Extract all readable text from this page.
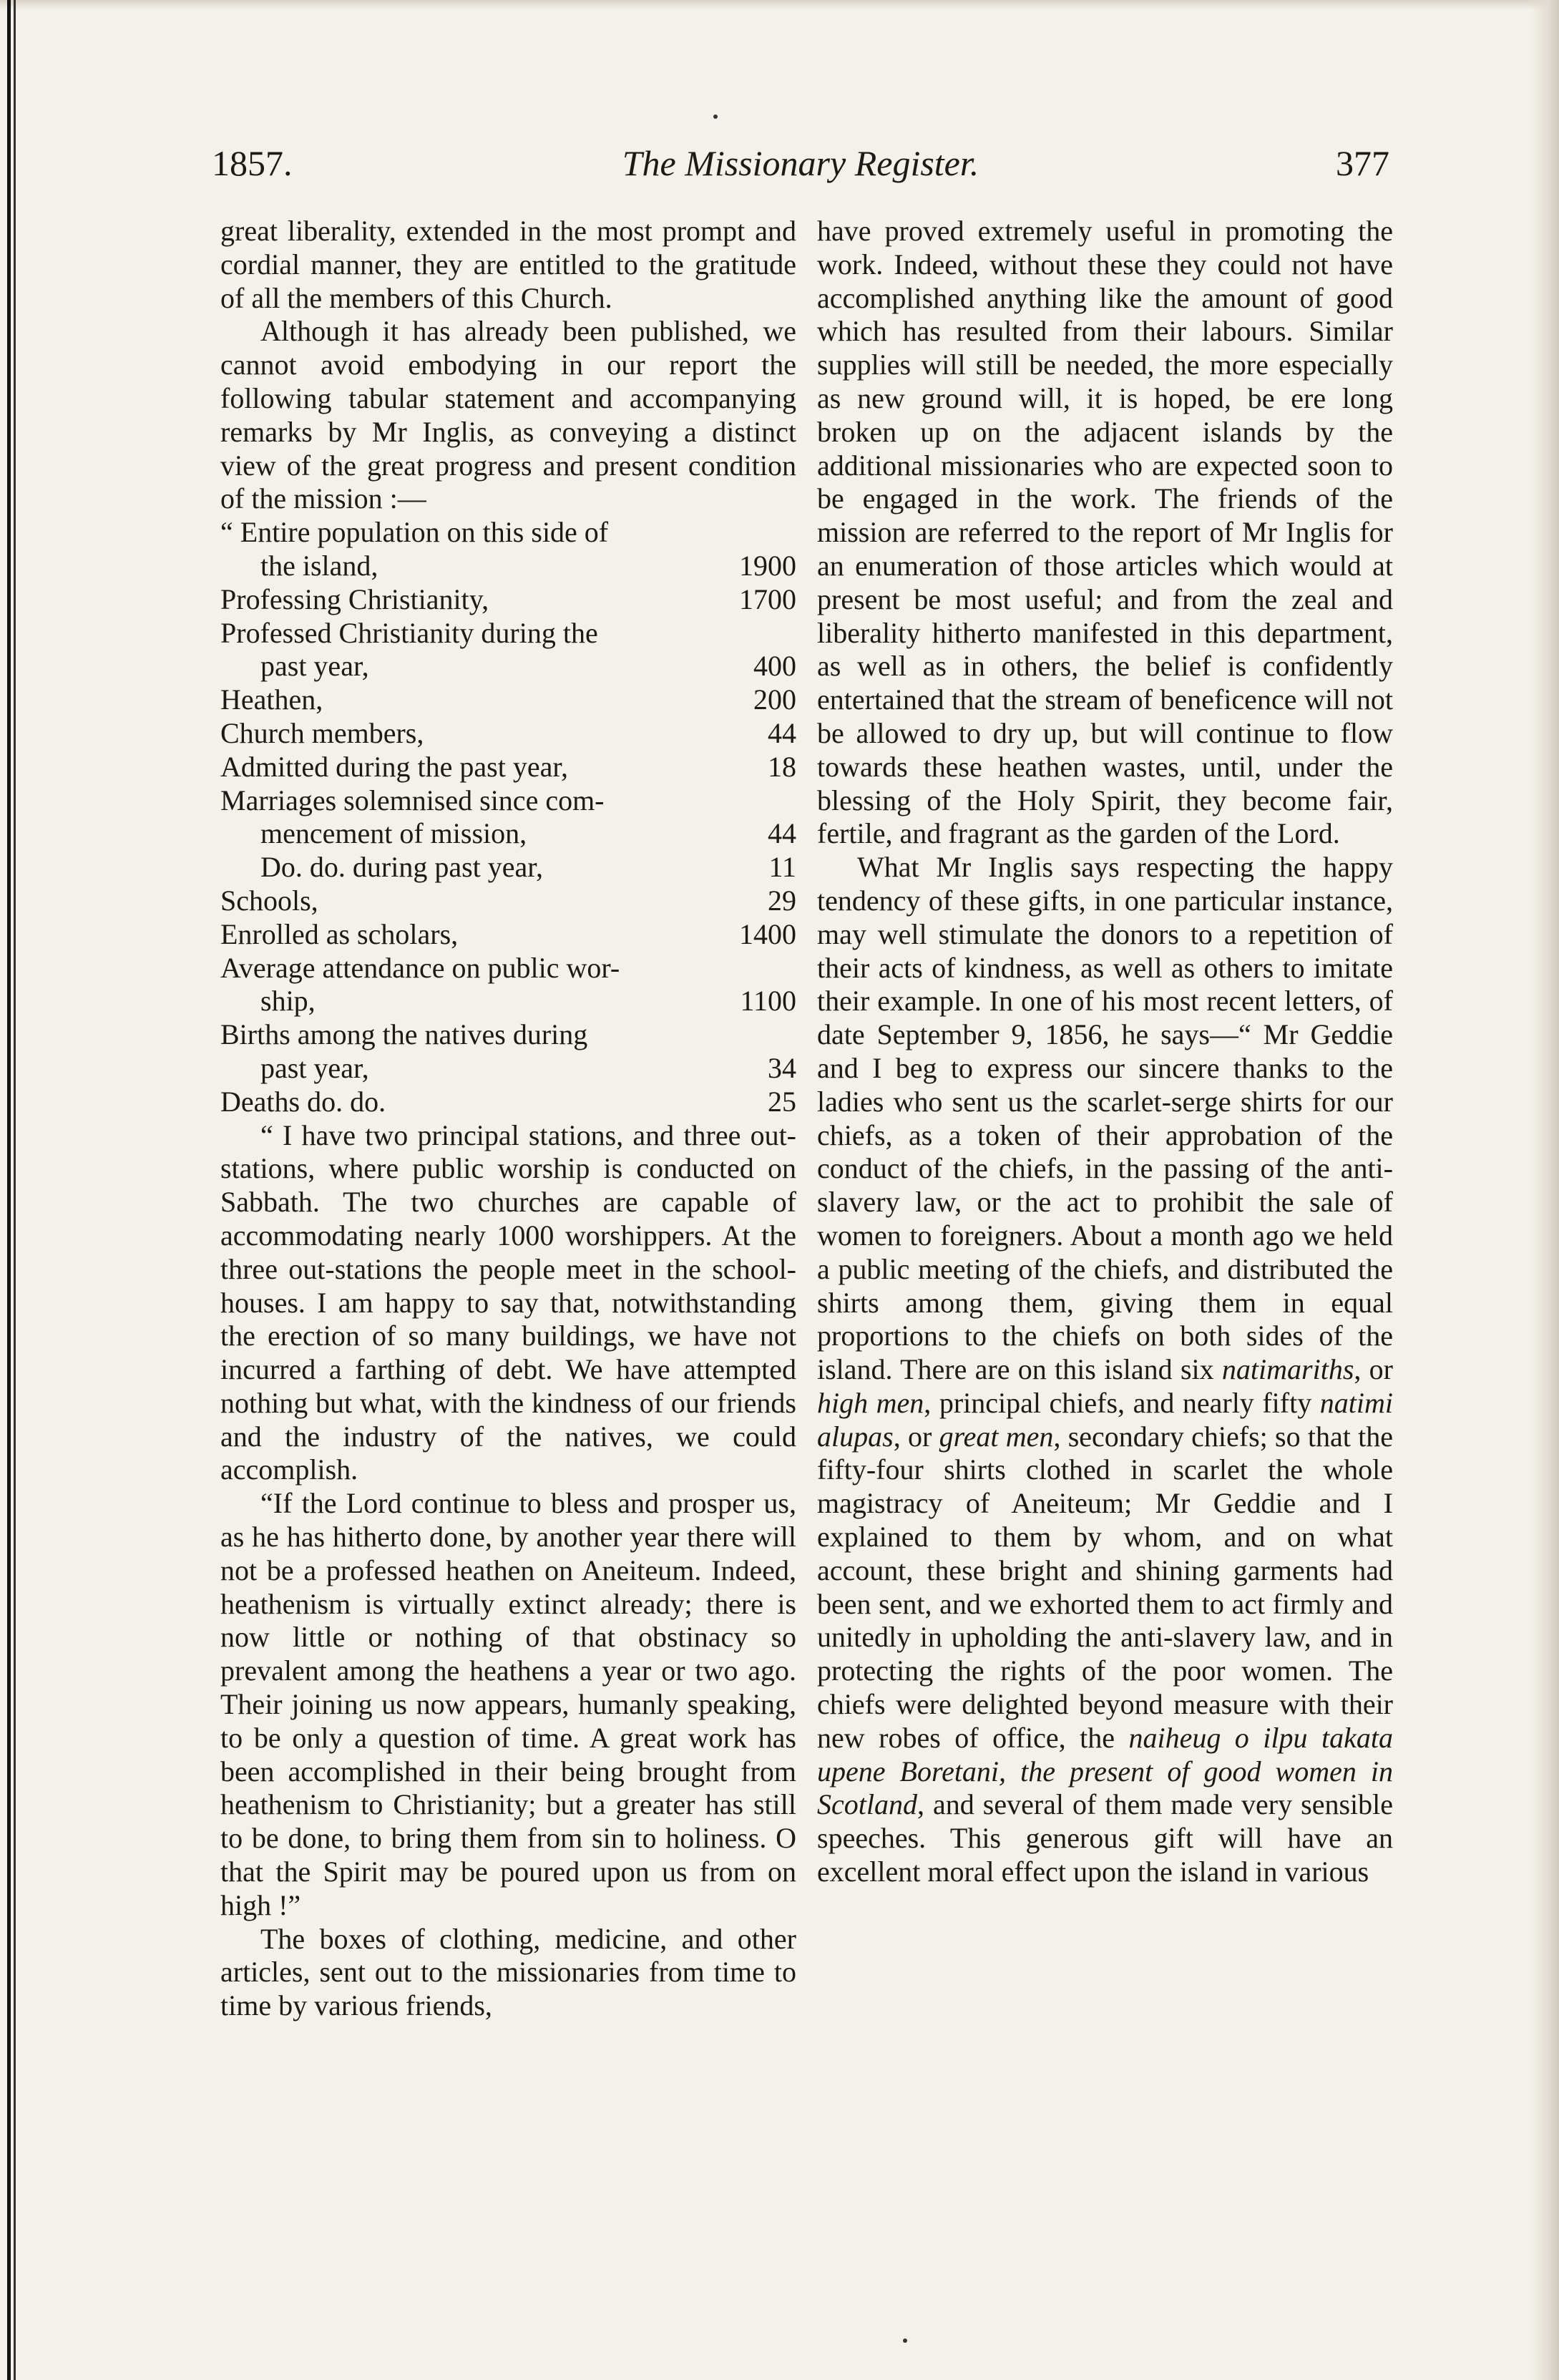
1857.	The Missionary Register.	377

great liberality, extended in the most prompt and cordial manner, they are entitled to the gratitude of all the members of this Church.

Although it has already been published, we cannot avoid embodying in our report the following tabular statement and accompanying remarks by Mr Inglis, as conveying a distinct view of the great progress and present condition of the mission :—

“ Entire population on this side of
the island,	1900
Professing Christianity,	1700
Professed Christianity during the
past year,	400
Heathen,	200
Church members,	44
Admitted during the past year,	18
Marriages solemnised since com-
mencement of mission,	44
Do. do. during past year,	11
Schools,	29
Enrolled as scholars,	1400
Average attendance on public wor-
ship,	1100
Births among the natives during
past year,	34
Deaths do. do.	25

“ I have two principal stations, and three out-stations, where public worship is conducted on Sabbath. The two churches are capable of accommodating nearly 1000 worshippers. At the three out-stations the people meet in the school-houses. I am happy to say that, notwithstanding the erection of so many buildings, we have not incurred a farthing of debt. We have attempted nothing but what, with the kindness of our friends and the industry of the natives, we could accomplish.

“If the Lord continue to bless and prosper us, as he has hitherto done, by another year there will not be a professed heathen on Aneiteum. Indeed, heathenism is virtually extinct already; there is now little or nothing of that obstinacy so prevalent among the heathens a year or two ago. Their joining us now appears, humanly speaking, to be only a question of time. A great work has been accomplished in their being brought from heathenism to Christianity; but a greater has still to be done, to bring them from sin to holiness. O that the Spirit may be poured upon us from on high !”

The boxes of clothing, medicine, and other articles, sent out to the missionaries from time to time by various friends,

have proved extremely useful in promoting the work. Indeed, without these they could not have accomplished anything like the amount of good which has resulted from their labours. Similar supplies will still be needed, the more especially as new ground will, it is hoped, be ere long broken up on the adjacent islands by the additional missionaries who are expected soon to be engaged in the work. The friends of the mission are referred to the report of Mr Inglis for an enumeration of those articles which would at present be most useful; and from the zeal and liberality hitherto manifested in this department, as well as in others, the belief is confidently entertained that the stream of beneficence will not be allowed to dry up, but will continue to flow towards these heathen wastes, until, under the blessing of the Holy Spirit, they become fair, fertile, and fragrant as the garden of the Lord.

What Mr Inglis says respecting the happy tendency of these gifts, in one particular instance, may well stimulate the donors to a repetition of their acts of kindness, as well as others to imitate their example. In one of his most recent letters, of date September 9, 1856, he says—“ Mr Geddie and I beg to express our sincere thanks to the ladies who sent us the scarlet-serge shirts for our chiefs, as a token of their approbation of the conduct of the chiefs, in the passing of the anti-slavery law, or the act to prohibit the sale of women to foreigners. About a month ago we held a public meeting of the chiefs, and distributed the shirts among them, giving them in equal proportions to the chiefs on both sides of the island. There are on this island six natimariths, or high men, principal chiefs, and nearly fifty natimi alupas, or great men, secondary chiefs; so that the fifty-four shirts clothed in scarlet the whole magistracy of Aneiteum; Mr Geddie and I explained to them by whom, and on what account, these bright and shining garments had been sent, and we exhorted them to act firmly and unitedly in upholding the anti-slavery law, and in protecting the rights of the poor women. The chiefs were delighted beyond measure with their new robes of office, the naiheug o ilpu takata upene Boretani, the present of good women in Scotland, and several of them made very sensible speeches. This generous gift will have an excellent moral effect upon the island in various
